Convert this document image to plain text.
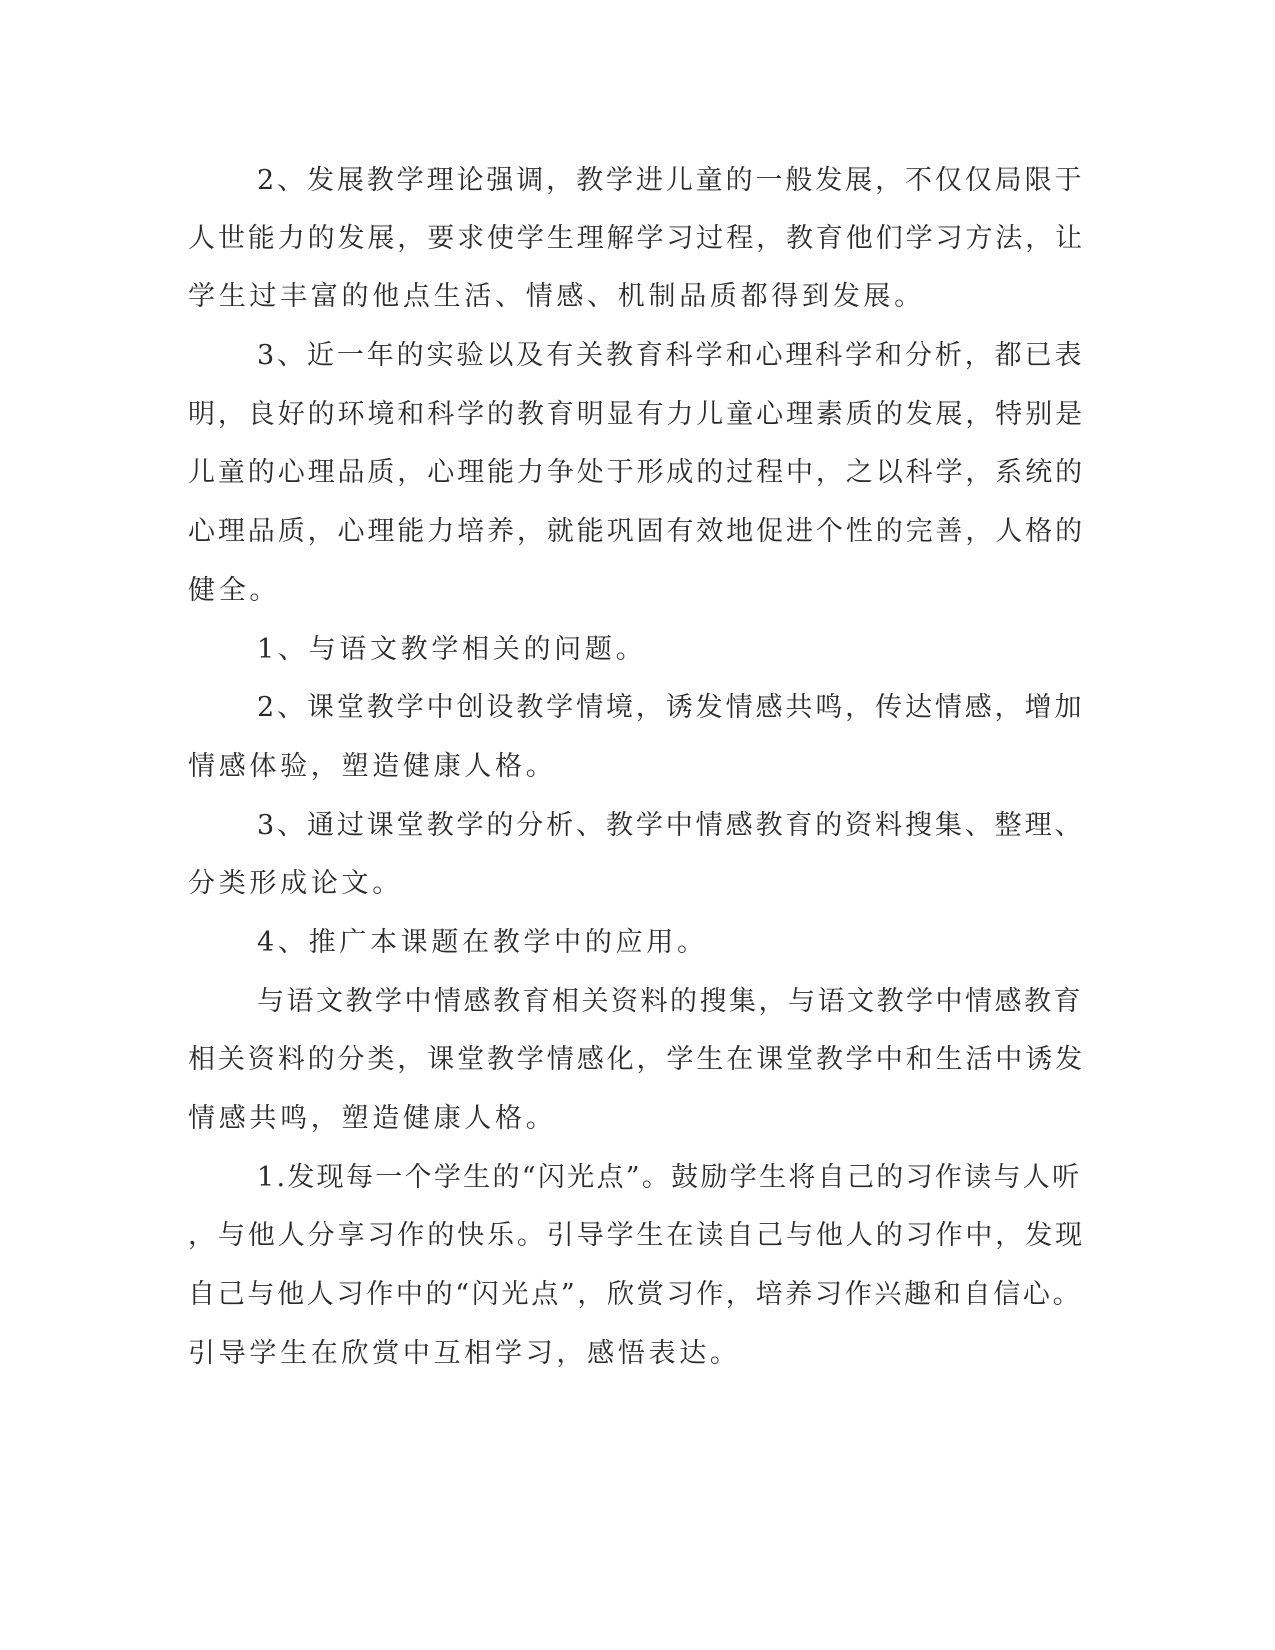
2、发展教学理论强调，教学进儿童的一般发展，不仅仅局限于
人世能力的发展，要求使学生理解学习过程，教育他们学习方法，让
学生过丰富的他点生活、情感、机制品质都得到发展。
3、近一年的实验以及有关教育科学和心理科学和分析，都已表
明，良好的环境和科学的教育明显有力儿童心理素质的发展，特别是
儿童的心理品质，心理能力争处于形成的过程中，之以科学，系统的
心理品质，心理能力培养，就能巩固有效地促进个性的完善，人格的
健全。
1、与语文教学相关的问题。
2、课堂教学中创设教学情境，诱发情感共鸣，传达情感，增加
情感体验，塑造健康人格。
3、通过课堂教学的分析、教学中情感教育的资料搜集、整理、
分类形成论文。
4、推广本课题在教学中的应用。
与语文教学中情感教育相关资料的搜集，与语文教学中情感教育
相关资料的分类，课堂教学情感化，学生在课堂教学中和生活中诱发
情感共鸣，塑造健康人格。
1.发现每一个学生的“闪光点”。鼓励学生将自己的习作读与人听
，与他人分享习作的快乐。引导学生在读自己与他人的习作中，发现
自己与他人习作中的“闪光点”，欣赏习作，培养习作兴趣和自信心。
引导学生在欣赏中互相学习，感悟表达。
